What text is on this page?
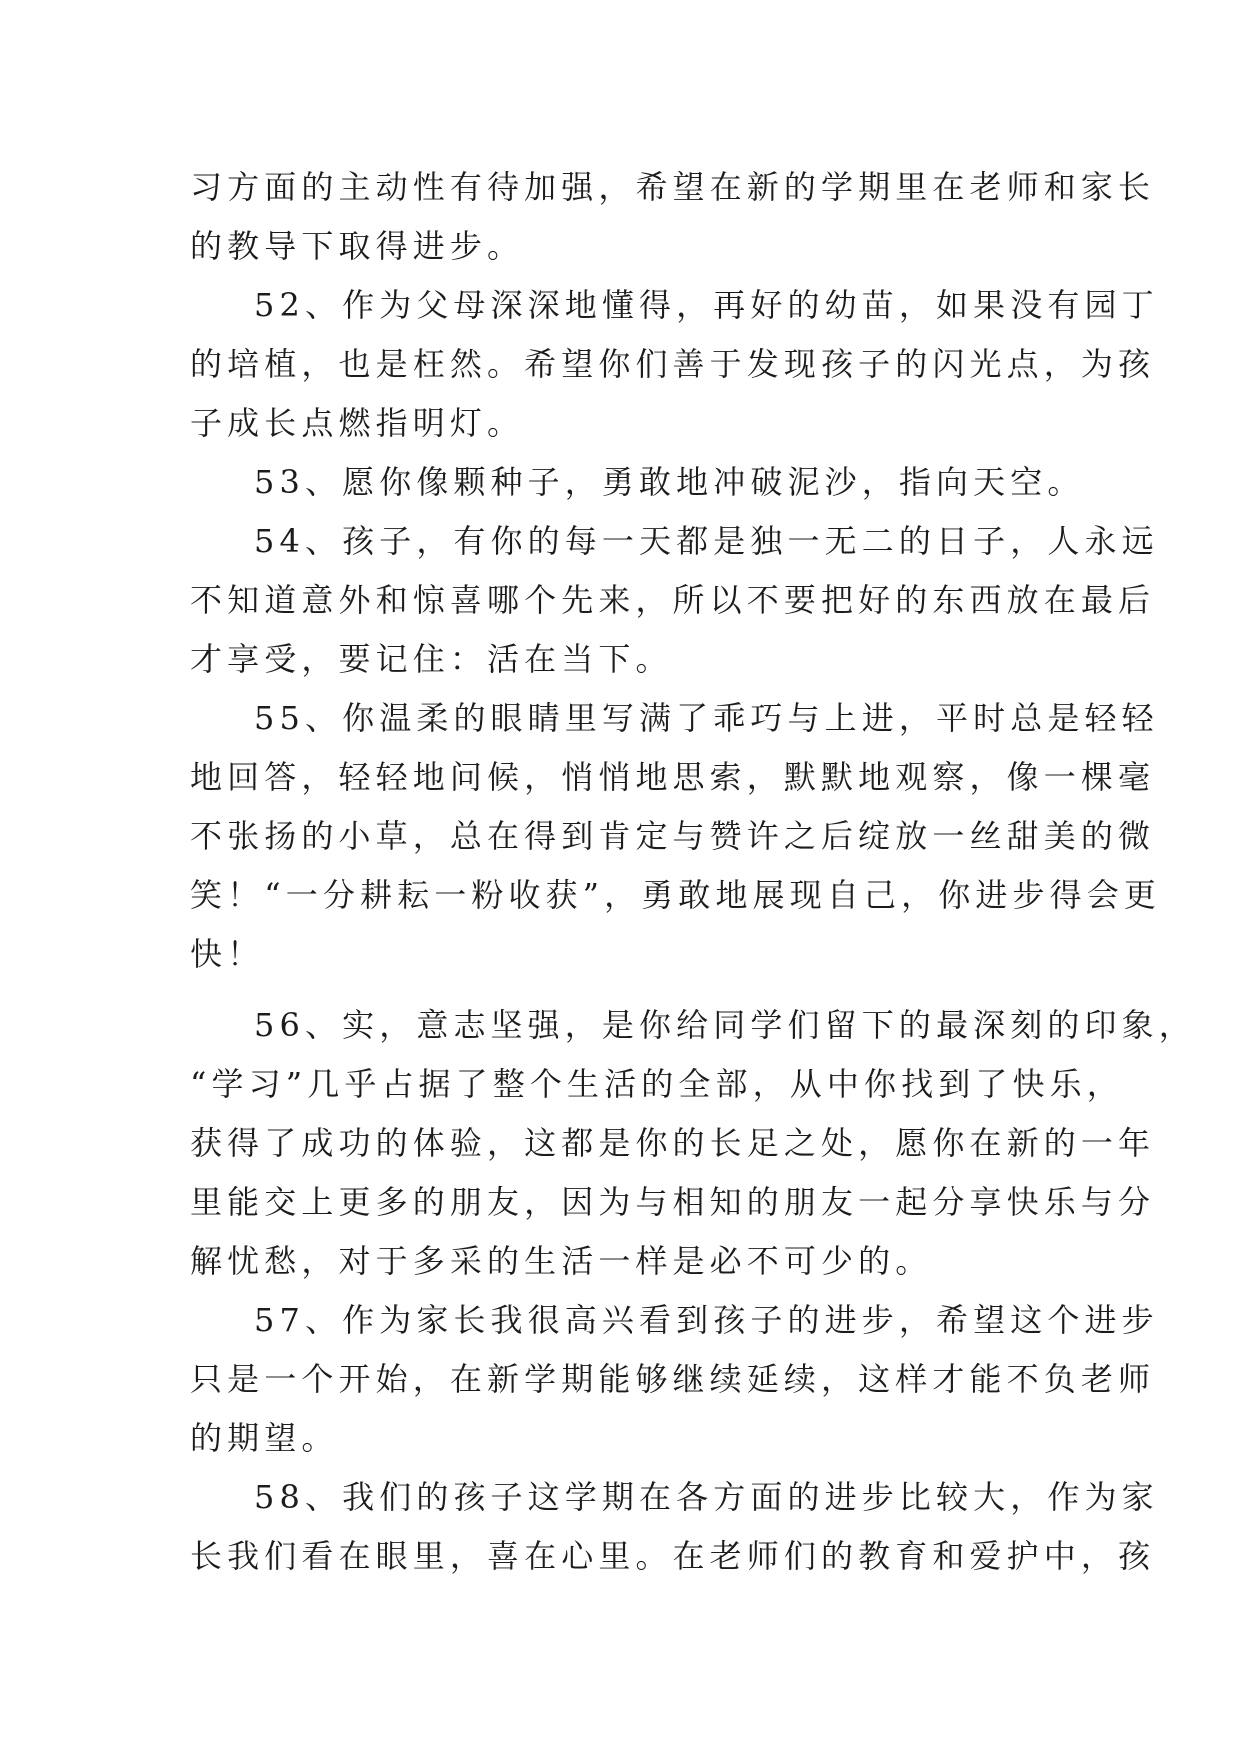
习方面的主动性有待加强，希望在新的学期里在老师和家长
的教导下取得进步。
52、作为父母深深地懂得，再好的幼苗，如果没有园丁
的培植，也是枉然。希望你们善于发现孩子的闪光点，为孩
子成长点燃指明灯。
53、愿你像颗种子，勇敢地冲破泥沙，指向天空。
54、孩子，有你的每一天都是独一无二的日子，人永远
不知道意外和惊喜哪个先来，所以不要把好的东西放在最后
才享受，要记住：活在当下。
55、你温柔的眼睛里写满了乖巧与上进，平时总是轻轻
地回答，轻轻地问候，悄悄地思索，默默地观察，像一棵毫
不张扬的小草，总在得到肯定与赞许之后绽放一丝甜美的微
笑！“一分耕耘一粉收获”，勇敢地展现自己，你进步得会更
快！
56、实，意志坚强，是你给同学们留下的最深刻的印象，
“学习”几乎占据了整个生活的全部，从中你找到了快乐，
获得了成功的体验，这都是你的长足之处，愿你在新的一年
里能交上更多的朋友，因为与相知的朋友一起分享快乐与分
解忧愁，对于多采的生活一样是必不可少的。
57、作为家长我很高兴看到孩子的进步，希望这个进步
只是一个开始，在新学期能够继续延续，这样才能不负老师
的期望。
58、我们的孩子这学期在各方面的进步比较大，作为家
长我们看在眼里，喜在心里。在老师们的教育和爱护中，孩
